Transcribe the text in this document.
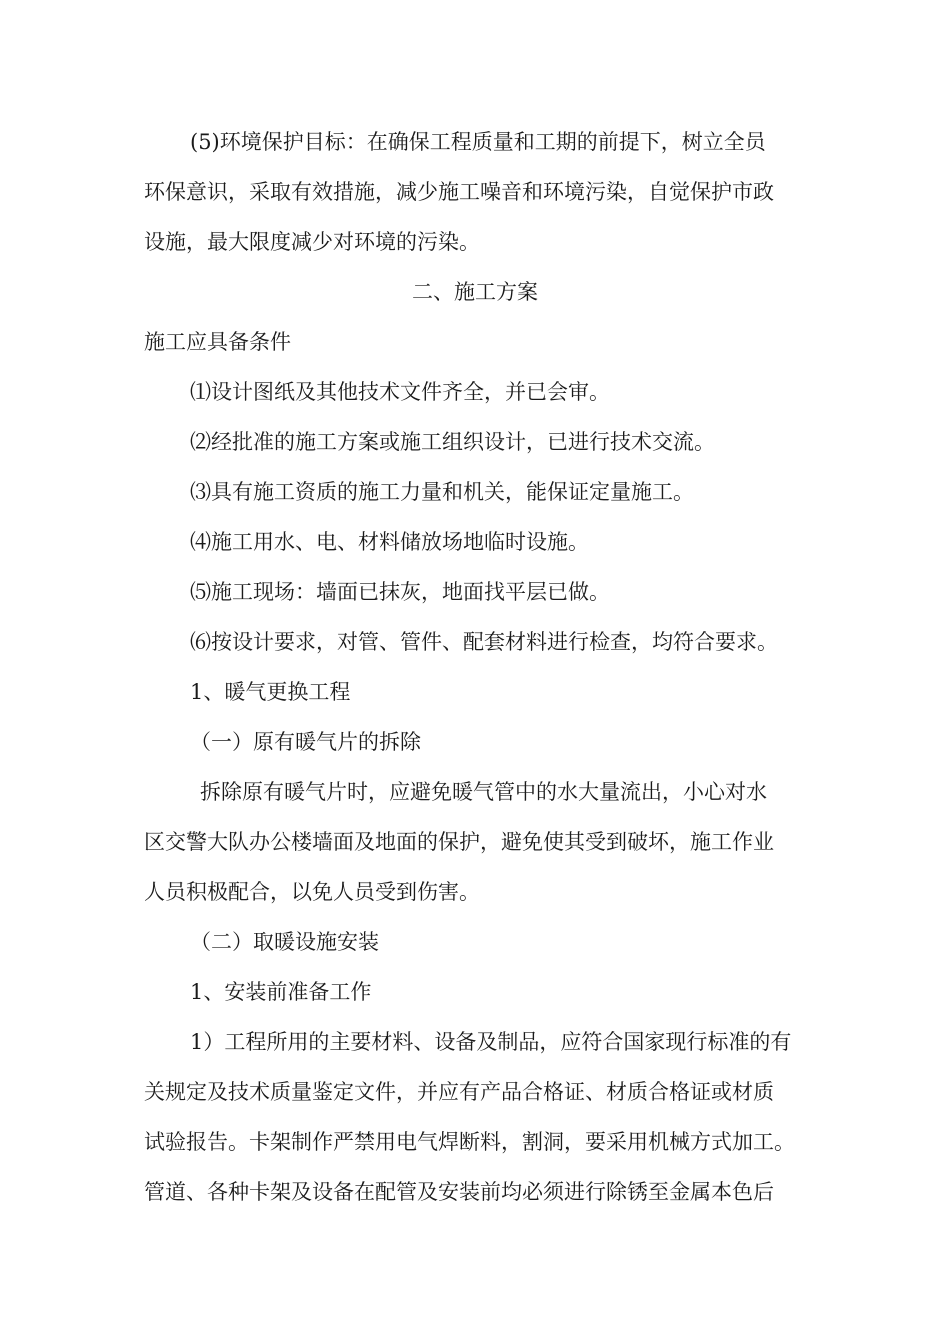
(5)环境保护目标：在确保工程质量和工期的前提下，树立全员
环保意识，采取有效措施，减少施工噪音和环境污染，自觉保护市政
设施，最大限度减少对环境的污染。
二、施工方案
施工应具备条件
⑴设计图纸及其他技术文件齐全，并已会审。
⑵经批准的施工方案或施工组织设计，已进行技术交流。
⑶具有施工资质的施工力量和机关，能保证定量施工。
⑷施工用水、电、材料储放场地临时设施。
⑸施工现场：墙面已抹灰，地面找平层已做。
⑹按设计要求，对管、管件、配套材料进行检查，均符合要求。
1、暖气更换工程
（一）原有暖气片的拆除
拆除原有暖气片时，应避免暖气管中的水大量流出，小心对水
区交警大队办公楼墙面及地面的保护，避免使其受到破坏，施工作业
人员积极配合，以免人员受到伤害。
（二）取暖设施安装
1、安装前准备工作
1）工程所用的主要材料、设备及制品，应符合国家现行标准的有
关规定及技术质量鉴定文件，并应有产品合格证、材质合格证或材质
试验报告。卡架制作严禁用电气焊断料，割洞，要采用机械方式加工。
管道、各种卡架及设备在配管及安装前均必须进行除锈至金属本色后
